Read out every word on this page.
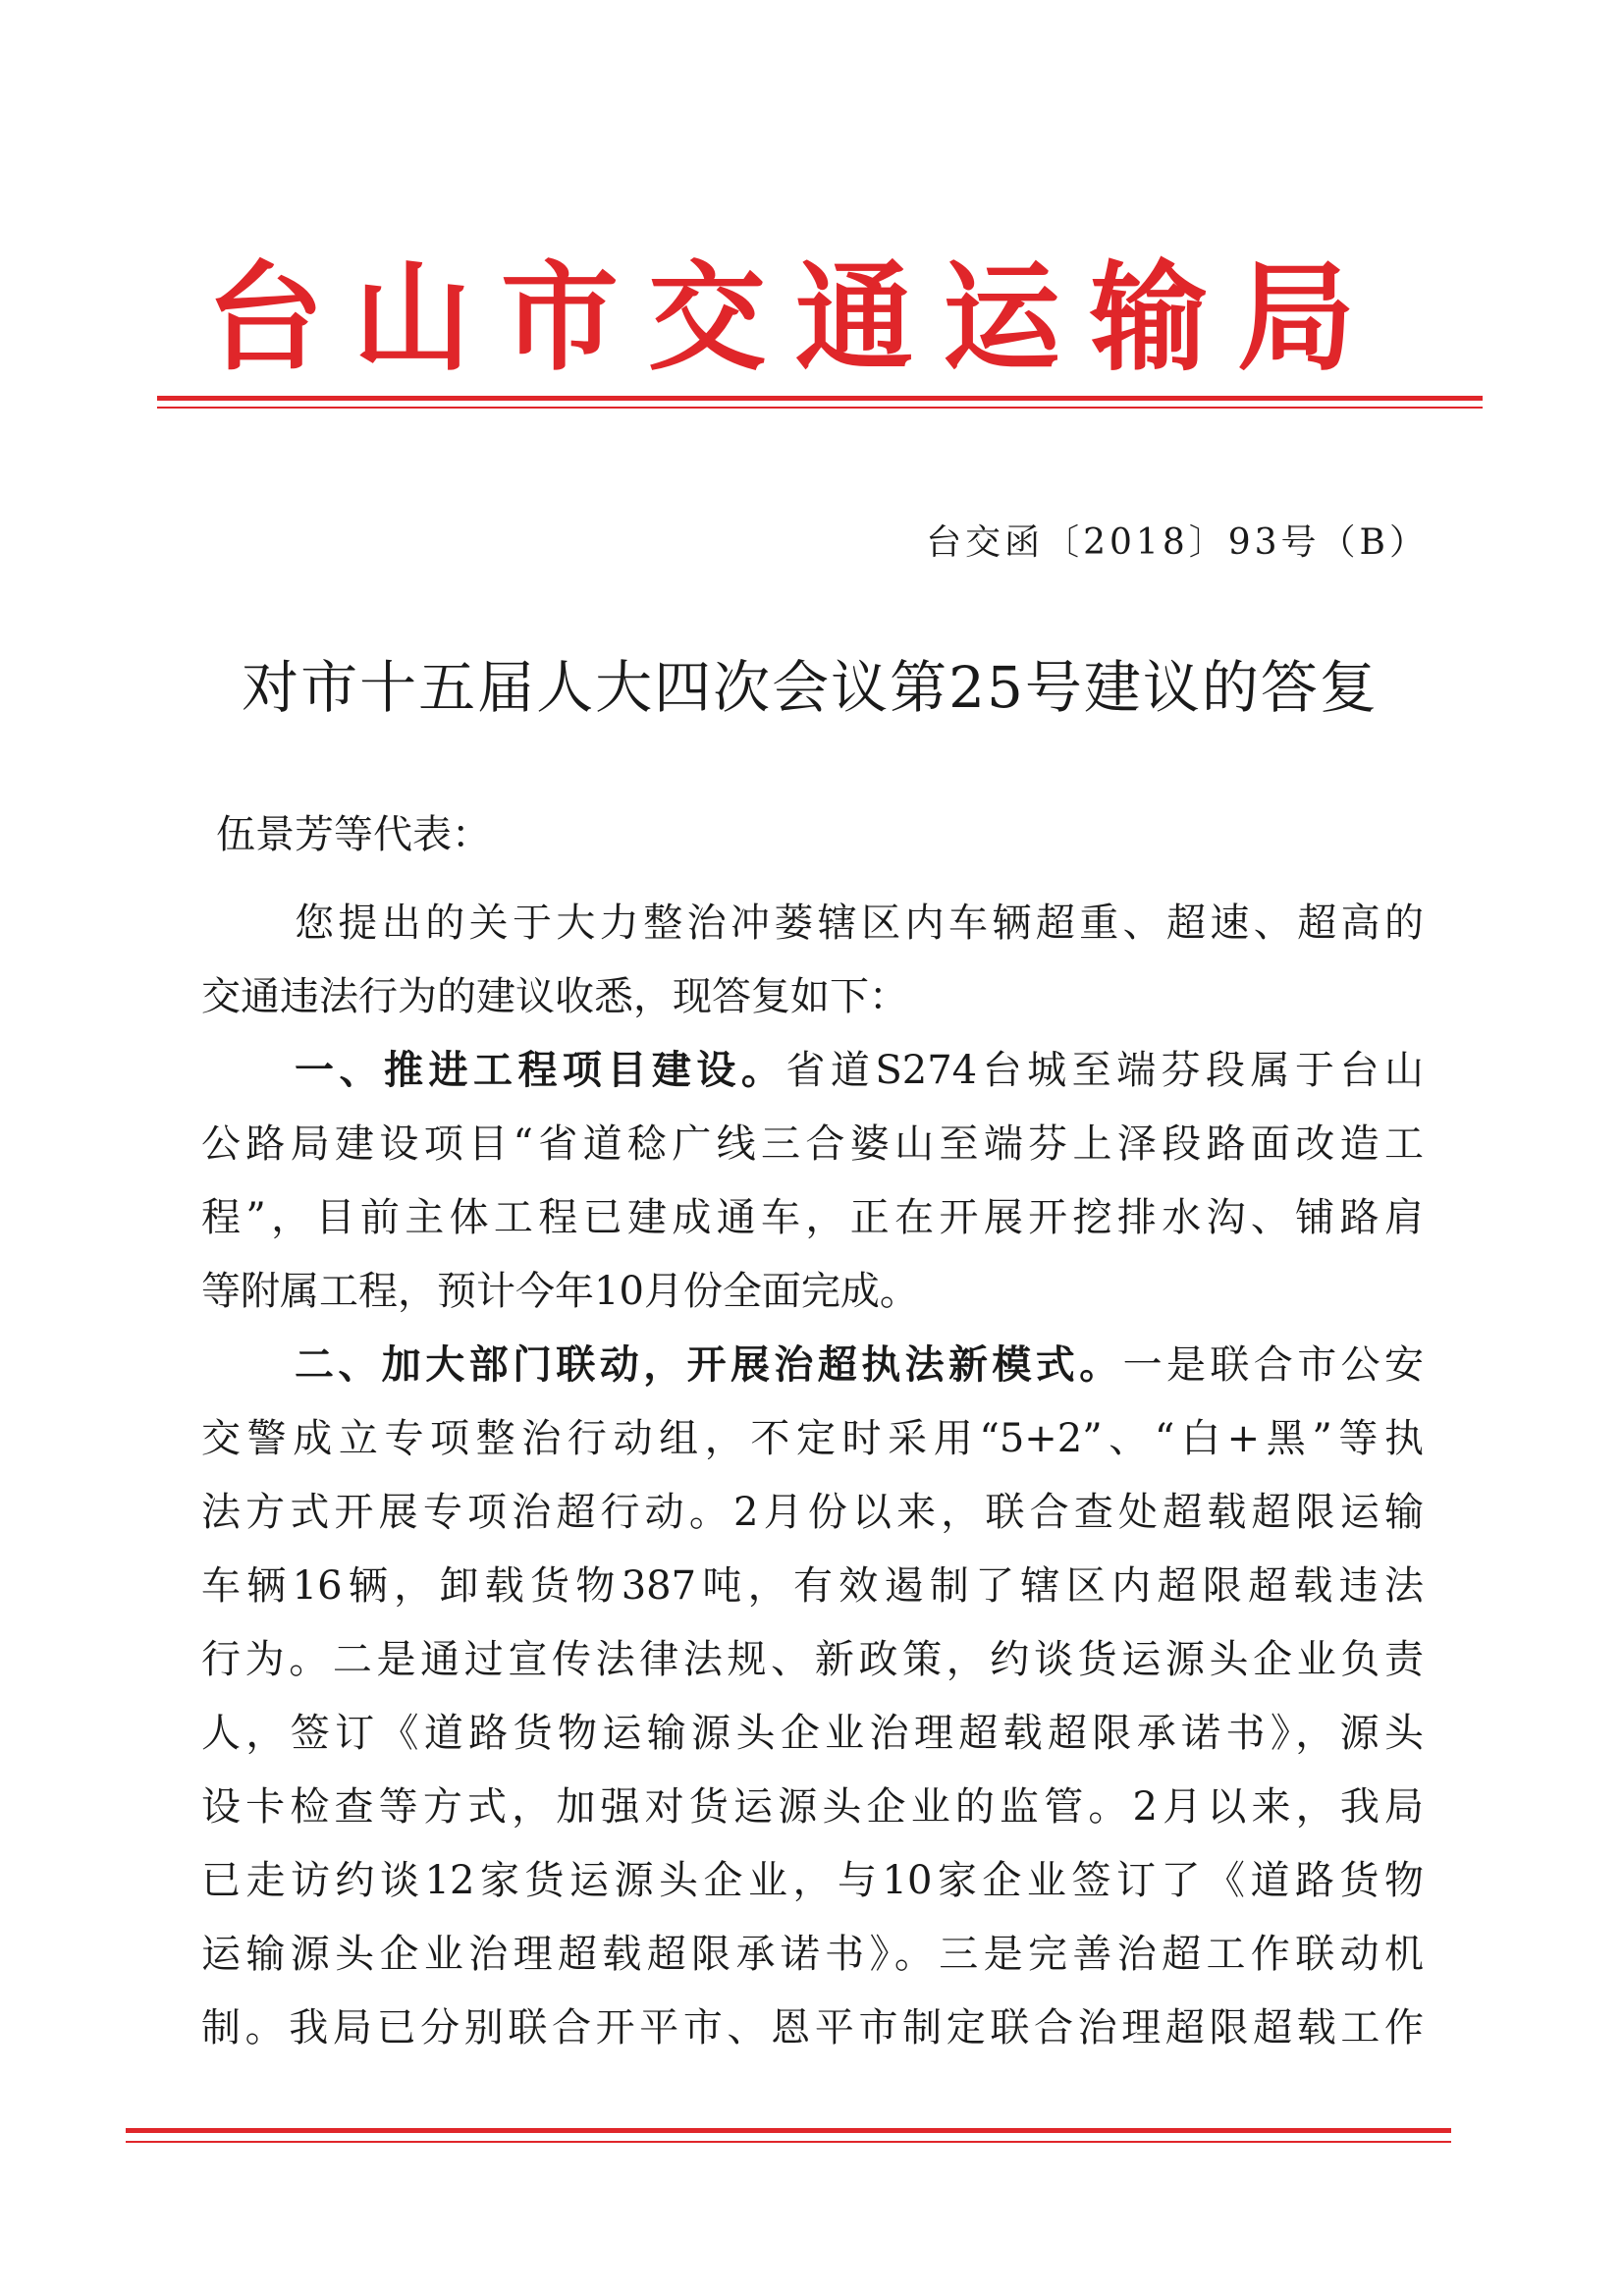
台山市交通运输局
台交函〔2018〕93号（B）
对市十五届人大四次会议第25号建议的答复
伍景芳等代表：
您提出的关于大力整治冲蒌辖区内车辆超重、超速、超高的
交通违法行为的建议收悉，现答复如下：
一、推进工程项目建设。省道S274台城至端芬段属于台山
公路局建设项目“省道稔广线三合婆山至端芬上泽段路面改造工
程”，目前主体工程已建成通车，正在开展开挖排水沟、铺路肩
等附属工程，预计今年10月份全面完成。
二、加大部门联动，开展治超执法新模式。一是联合市公安
交警成立专项整治行动组，不定时采用“5+2”、“白+黑”等执
法方式开展专项治超行动。2月份以来，联合查处超载超限运输
车辆16辆，卸载货物387吨，有效遏制了辖区内超限超载违法
行为。二是通过宣传法律法规、新政策，约谈货运源头企业负责
人，签订《道路货物运输源头企业治理超载超限承诺书》，源头
设卡检查等方式，加强对货运源头企业的监管。2月以来，我局
已走访约谈12家货运源头企业，与10家企业签订了《道路货物
运输源头企业治理超载超限承诺书》。三是完善治超工作联动机
制。我局已分别联合开平市、恩平市制定联合治理超限超载工作
